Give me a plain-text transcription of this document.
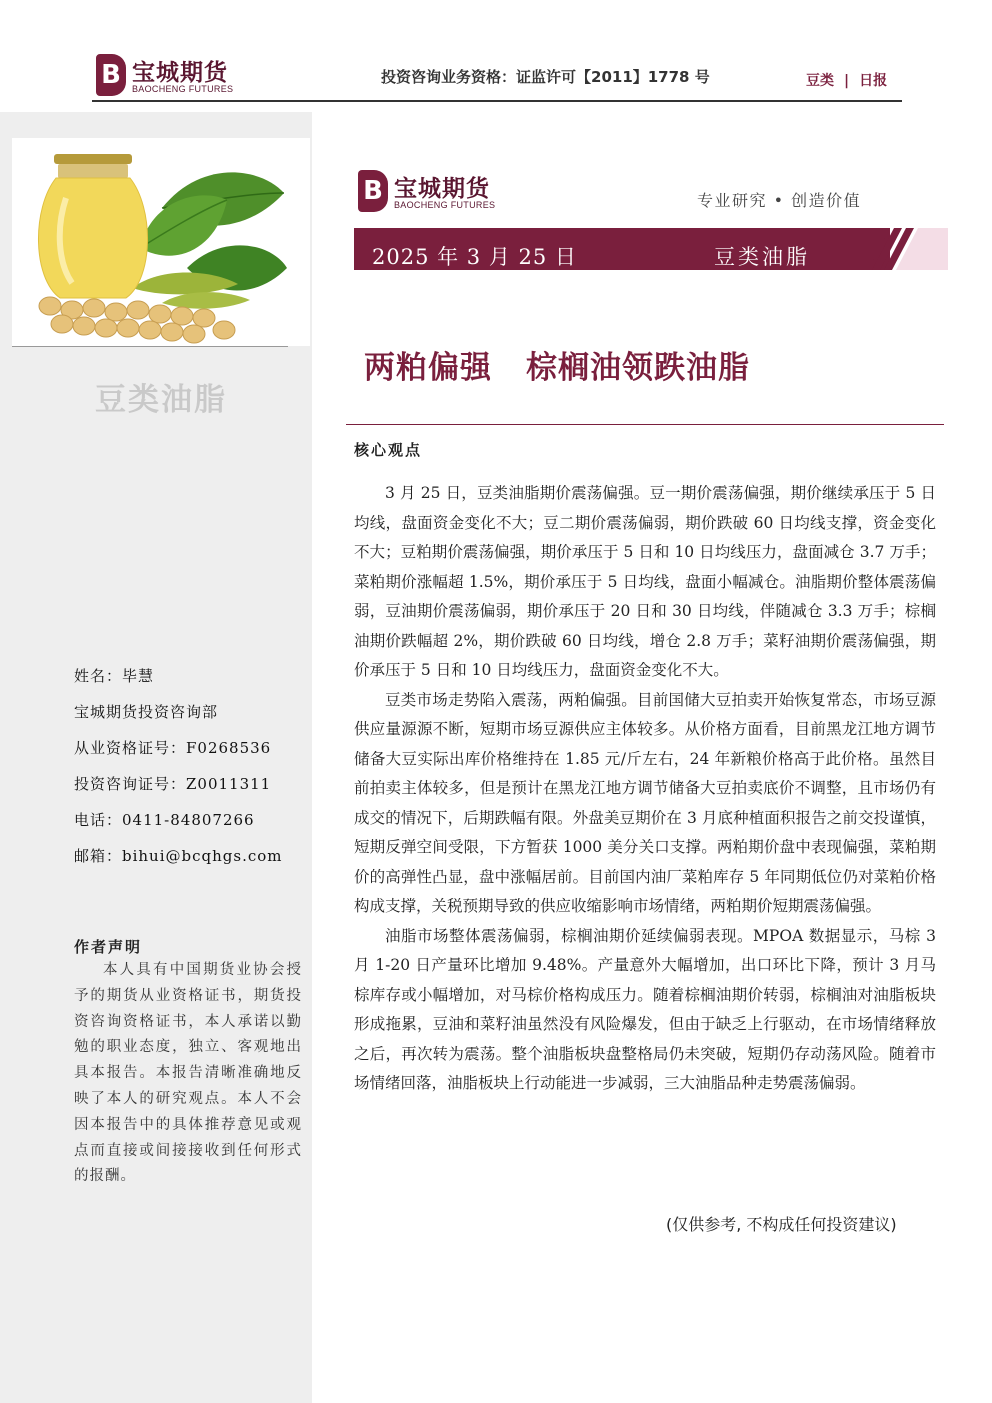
B 宝城期货
BAOCHENG FUTURES
投资咨询业务资格：证监许可【2011】1778 号	豆类 | 日报
豆类油脂
姓名：毕慧
宝城期货投资咨询部
从业资格证号：F0268536
投资咨询证号：Z0011311
电话：0411-84807266
邮箱：bihui@bcqhgs.com
作者声明
本人具有中国期货业协会授予的期货从业资格证书，期货投资咨询资格证书，本人承诺以勤勉的职业态度，独立、客观地出具本报告。本报告清晰准确地反映了本人的研究观点。本人不会因本报告中的具体推荐意见或观点而直接或间接接收到任何形式的报酬。
B 宝城期货
BAOCHENG FUTURES	专业研究 • 创造价值
2025 年 3 月 25 日	豆类油脂
两粕偏强 棕榈油领跌油脂
核心观点

3 月 25 日，豆类油脂期价震荡偏强。豆一期价震荡偏强，期价继续承压于 5 日均线，盘面资金变化不大；豆二期价震荡偏弱，期价跌破 60 日均线支撑，资金变化不大；豆粕期价震荡偏强，期价承压于 5 日和 10 日均线压力，盘面减仓 3.7 万手；菜粕期价涨幅超 1.5%，期价承压于 5 日均线，盘面小幅减仓。油脂期价整体震荡偏弱，豆油期价震荡偏弱，期价承压于 20 日和 30 日均线，伴随减仓 3.3 万手；棕榈油期价跌幅超 2%，期价跌破 60 日均线，增仓 2.8 万手；菜籽油期价震荡偏强，期价承压于 5 日和 10 日均线压力，盘面资金变化不大。

豆类市场走势陷入震荡，两粕偏强。目前国储大豆拍卖开始恢复常态，市场豆源供应量源源不断，短期市场豆源供应主体较多。从价格方面看，目前黑龙江地方调节储备大豆实际出库价格维持在 1.85 元/斤左右，24 年新粮价格高于此价格。虽然目前拍卖主体较多，但是预计在黑龙江地方调节储备大豆拍卖底价不调整，且市场仍有成交的情况下，后期跌幅有限。外盘美豆期价在 3 月底种植面积报告之前交投谨慎，短期反弹空间受限，下方暂获 1000 美分关口支撑。两粕期价盘中表现偏强，菜粕期价的高弹性凸显，盘中涨幅居前。目前国内油厂菜粕库存 5 年同期低位仍对菜粕价格构成支撑，关税预期导致的供应收缩影响市场情绪，两粕期价短期震荡偏强。

油脂市场整体震荡偏弱，棕榈油期价延续偏弱表现。MPOA 数据显示，马棕 3 月 1-20 日产量环比增加 9.48%。产量意外大幅增加，出口环比下降，预计 3 月马棕库存或小幅增加，对马棕价格构成压力。随着棕榈油期价转弱，棕榈油对油脂板块形成拖累，豆油和菜籽油虽然没有风险爆发，但由于缺乏上行驱动，在市场情绪释放之后，再次转为震荡。整个油脂板块盘整格局仍未突破，短期仍存动荡风险。随着市场情绪回落，油脂板块上行动能进一步减弱，三大油脂品种走势震荡偏弱。

(仅供参考, 不构成任何投资建议)
